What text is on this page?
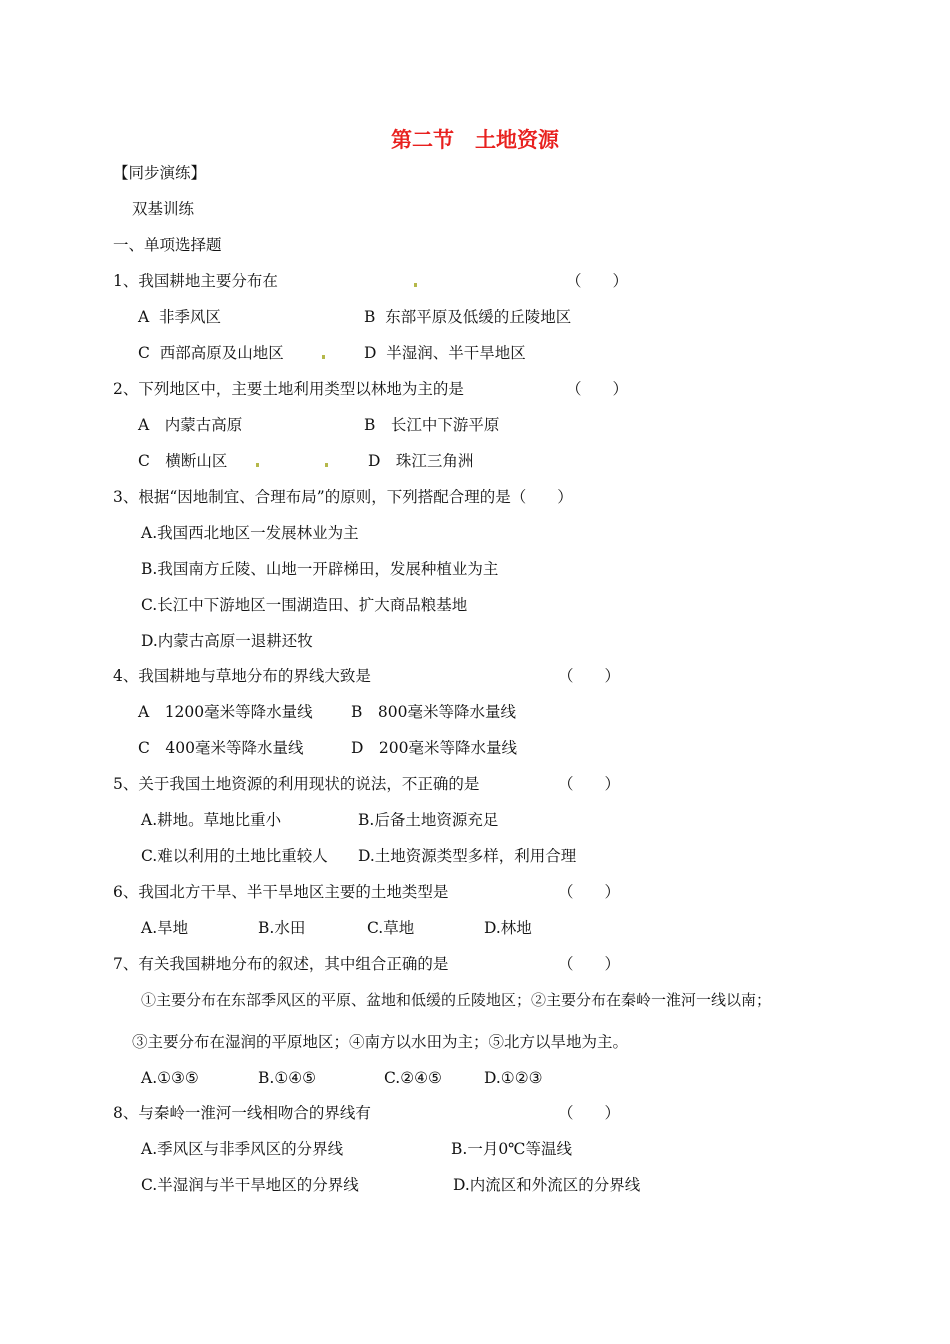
第二节　土地资源
【同步演练】
双基训练
一、单项选择题
1、我国耕地主要分布在	（　　）
A  非季风区	B  东部平原及低缓的丘陵地区
C  西部高原及山地区	D  半湿润、半干旱地区
2、下列地区中，主要土地利用类型以林地为主的是	（　　）
A　内蒙古高原	B　长江中下游平原
C　横断山区	D　珠江三角洲
3、根据“因地制宜、合理布局”的原则，下列搭配合理的是（　　）
A.我国西北地区一发展林业为主
B.我国南方丘陵、山地一开辟梯田，发展种植业为主
C.长江中下游地区一围湖造田、扩大商品粮基地
D.内蒙古高原一退耕还牧
4、我国耕地与草地分布的界线大致是	（　　）
A　1200毫米等降水量线 B　800毫米等降水量线
C　400毫米等降水量线	D　200毫米等降水量线
5、关于我国土地资源的利用现状的说法，不正确的是	（　　）
A.耕地。草地比重小	B.后备土地资源充足
C.难以利用的土地比重较人 D.土地资源类型多样，利用合理
6、我国北方干旱、半干旱地区主要的土地类型是	（　　）
A.旱地	B.水田	C.草地	D.林地
7、有关我国耕地分布的叙述，其中组合正确的是	（　　）
①主要分布在东部季风区的平原、盆地和低缓的丘陵地区；②主要分布在秦岭一淮河一线以南；
③主要分布在湿润的平原地区；④南方以水田为主；⑤北方以旱地为主。
A.①③⑤	B.①④⑤	C.②④⑤	D.①②③
8、与秦岭一淮河一线相吻合的界线有	（　　）
A.季风区与非季风区的分界线	B.一月0℃等温线
C.半湿润与半干旱地区的分界线	D.内流区和外流区的分界线
